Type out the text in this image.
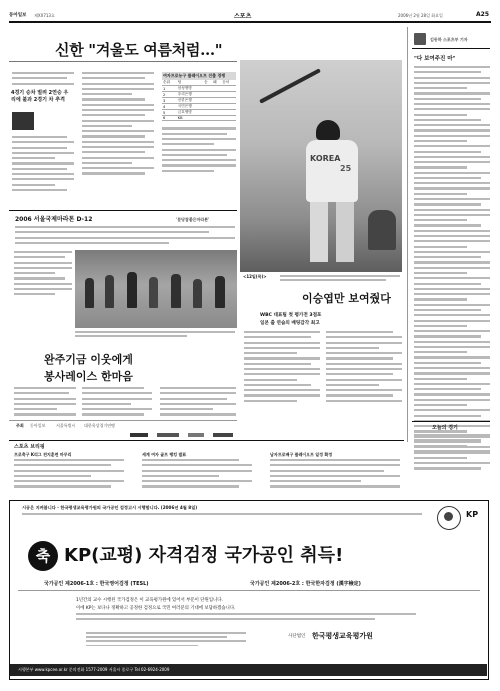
동아일보 제XX713호	스포츠	2006년 2월 28일 화요일	A25
신한 "겨울도 여름처럼…"
4경기 승차 벌려 2연승 우리에 불과 2경기 차 추격
여자프로농구 플레이오프 진출 경쟁
순위	팀	승	패	승차
1	삼성생명			
2	우리은행			
3	신한은행			
4	국민은행			
5	금호생명			
6	KB			
2006 서울국제마라톤 D-12	'분당참좋은마라톤'
완주기금 이웃에게
봉사레이스 한마음
주최 동아일보	서울특별시 대한육상경기연맹

KOREA
25
<12일(목)>
이승엽만 보여줬다
WBC 대표팀 첫 평가전 3점포
일본 출 연습의 배팅감각 최고
김동하 스포츠부 기자
"다 보여주진 마"
오늘의 경기
스포츠 브리핑
프로축구 K리그 전지훈련 마무리	세계 여자 골프 랭킹 발표	남자프로배구 플레이오프 일정 확정
시공은 지켜봅니다 · 한국평생교육평가원의 국가공인 검정고시 시행합니다. (2006년 4월 8일)
KP
축 KP(교평) 자격검정 국가공인 취득!
국가공인 제2006-1호 : 한국영어검정 (TESL)	국가공인 제2006-2호 : 한국한자검정 (漢字檢定)
1년간의 교수 시행된 국가검정은 이 교육평가원에 있어서 부문이 단원입니다.
이에 KP는 보다나 정확하고 공정한 검정으로 국민 여러분의 기대에 보답하겠습니다.
사단법인 한국평생교육평가원
시행본부 www.kpcee.or.kr 문의전화 1577-2009 서울시 종로구 Tel 02-6924-2009
